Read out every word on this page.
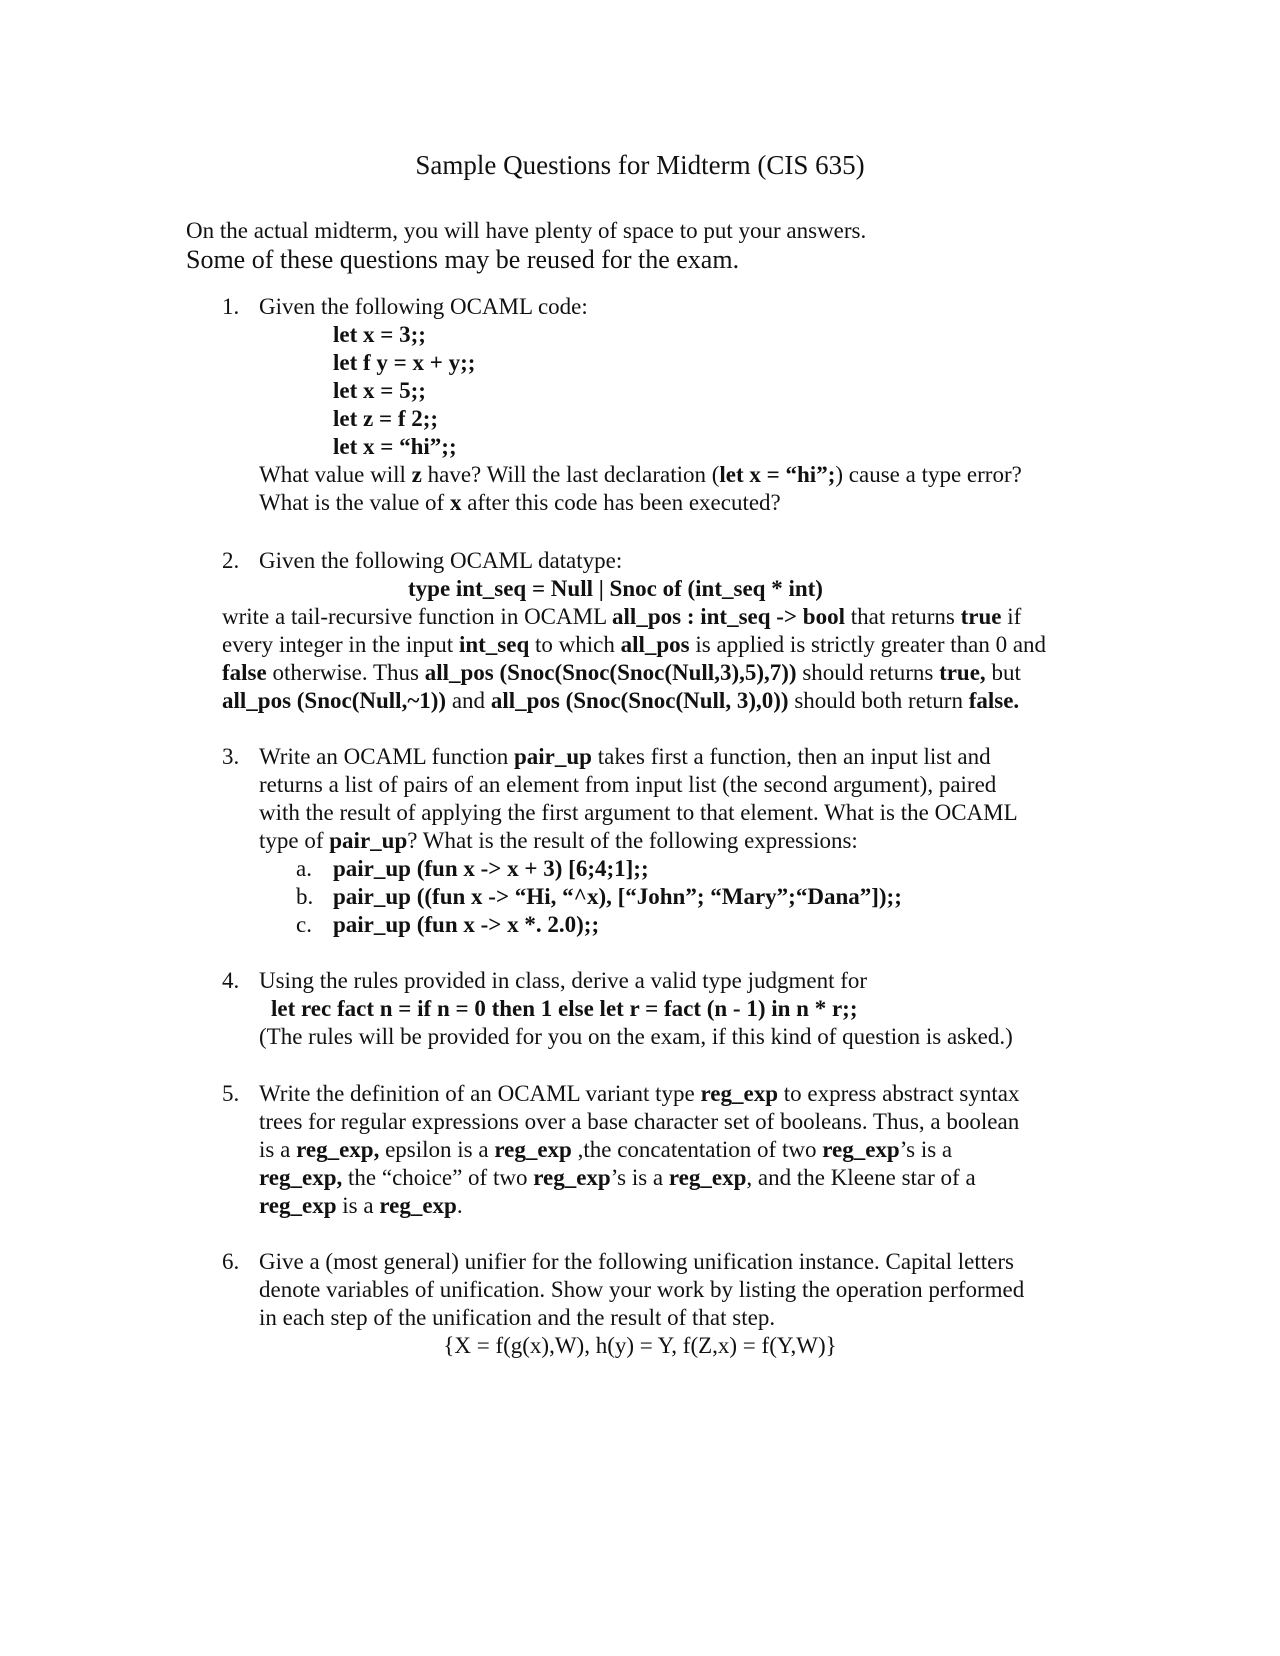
Sample Questions for Midterm (CIS 635)
On the actual midterm, you will have plenty of space to put your answers.
Some of these questions may be reused for the exam.
1. Given the following OCAML code:
let x = 3;;
let f y = x + y;;
let x = 5;;
let z = f 2;;
let x = “hi”;;
What value will z have? Will the last declaration (let x = “hi”;) cause a type error?
What is the value of x after this code has been executed?
2. Given the following OCAML datatype:
type int_seq = Null | Snoc of (int_seq * int)
write a tail-recursive function in OCAML all_pos : int_seq -> bool that returns true if
every integer in the input int_seq to which all_pos is applied is strictly greater than 0 and
false otherwise. Thus all_pos (Snoc(Snoc(Snoc(Null,3),5),7)) should returns true, but
all_pos (Snoc(Null,~1)) and all_pos (Snoc(Snoc(Null, 3),0)) should both return false.
3. Write an OCAML function pair_up takes first a function, then an input list and
returns a list of pairs of an element from input list (the second argument), paired
with the result of applying the first argument to that element. What is the OCAML
type of pair_up? What is the result of the following expressions:
a. pair_up (fun x -> x + 3) [6;4;1];;
b. pair_up ((fun x -> “Hi, “^x), [“John”; “Mary”;“Dana”]);;
c. pair_up (fun x -> x *. 2.0);;
4. Using the rules provided in class, derive a valid type judgment for
let rec fact n = if n = 0 then 1 else let r = fact (n - 1) in n * r;;
(The rules will be provided for you on the exam, if this kind of question is asked.)
5. Write the definition of an OCAML variant type reg_exp to express abstract syntax
trees for regular expressions over a base character set of booleans. Thus, a boolean
is a reg_exp, epsilon is a reg_exp ,the concatentation of two reg_exp’s is a
reg_exp, the “choice” of two reg_exp’s is a reg_exp, and the Kleene star of a
reg_exp is a reg_exp.
6. Give a (most general) unifier for the following unification instance. Capital letters
denote variables of unification. Show your work by listing the operation performed
in each step of the unification and the result of that step.
{X = f(g(x),W), h(y) = Y, f(Z,x) = f(Y,W)}
